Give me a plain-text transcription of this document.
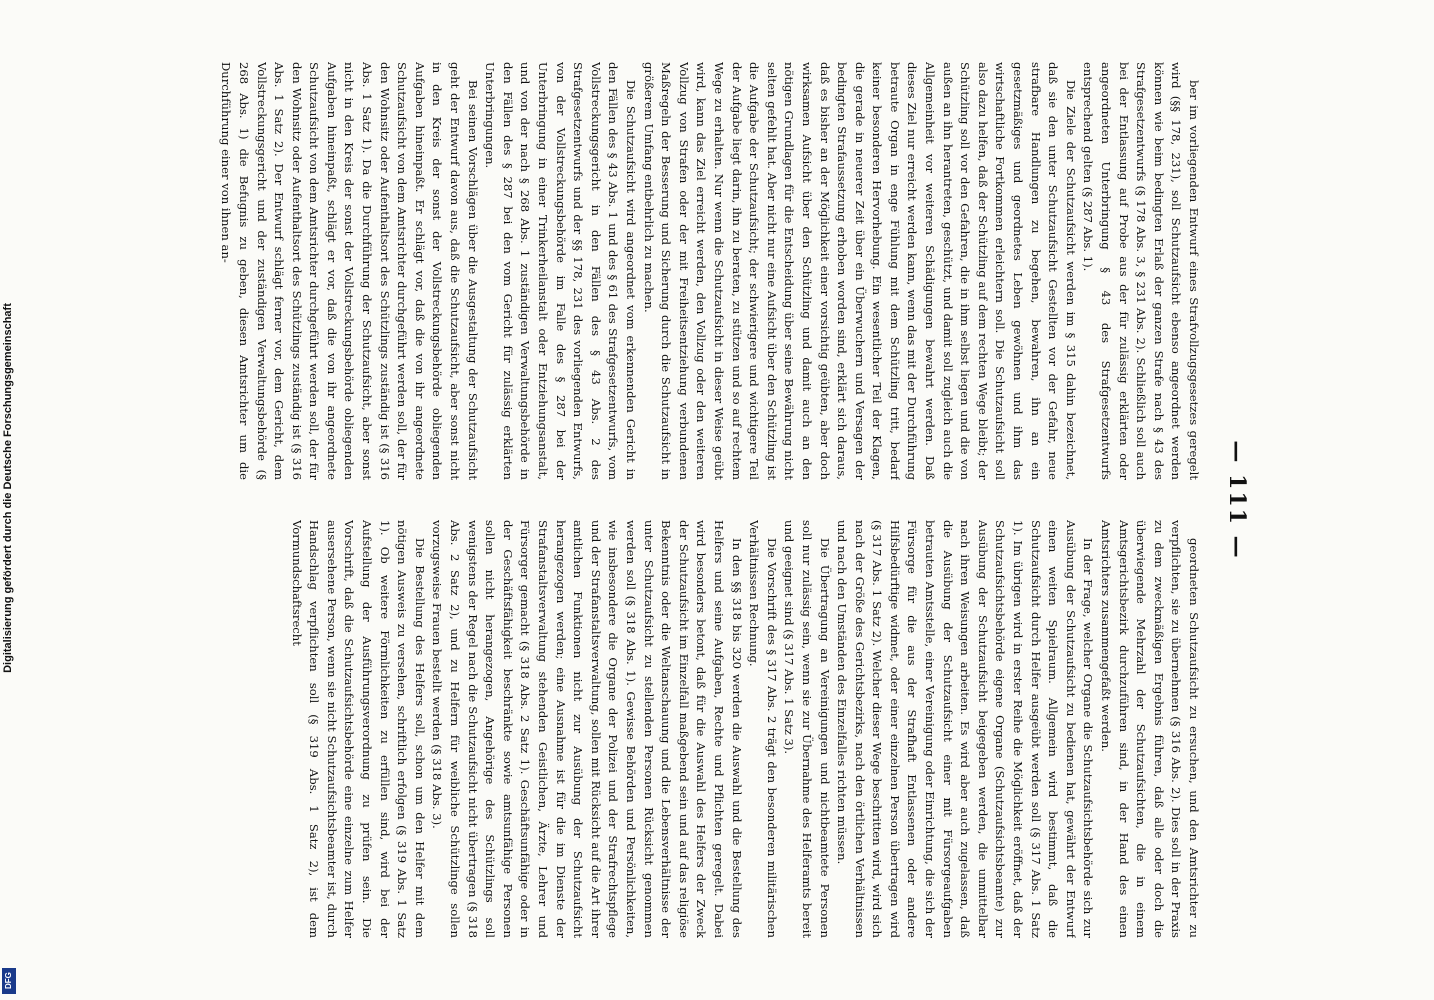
— 111 —

ber im vorliegenden Entwurf eines Strafvollzugsgesetzes geregelt wird (§§ 178, 231), soll Schutzaufsicht ebenso angeordnet werden können wie beim bedingten Erlaß der ganzen Strafe nach § 43 des Strafgesetzentwurfs (§ 178 Abs. 3, § 231 Abs. 2). Schließlich soll auch bei der Entlassung auf Probe aus der für zulässig erklärten oder angeordneten Unterbringung § 43 des Strafgesetzentwurfs entsprechend gelten (§ 287 Abs. 1).

Die Ziele der Schutzaufsicht werden im § 315 dahin bezeichnet, daß sie den unter Schutzaufsicht Gestellten vor der Gefahr, neue strafbare Handlungen zu begehen, bewahren, ihn an ein gesetzmäßiges und geordnetes Leben gewöhnen und ihm das wirtschaftliche Fortkommen erleichtern soll. Die Schutzaufsicht soll also dazu helfen, daß der Schützling auf dem rechten Wege bleibt; der Schützling soll vor den Gefahren, die in ihm selbst liegen und die von außen an ihn herantreten, geschützt, und damit soll zugleich auch die Allgemeinheit vor weiteren Schädigungen bewahrt werden. Daß dieses Ziel nur erreicht werden kann, wenn das mit der Durchführung betraute Organ in enge Fühlung mit dem Schützling tritt, bedarf keiner besonderen Hervorhebung. Ein wesentlicher Teil der Klagen, die gerade in neuerer Zeit über ein Überwuchern und Versagen der bedingten Strafaussetzung erhoben worden sind, erklärt sich daraus, daß es bisher an der Möglichkeit einer vorsichtig geübten, aber doch wirksamen Aufsicht über den Schützling und damit auch an den nötigen Grundlagen für die Entscheidung über seine Bewährung nicht selten gefehlt hat. Aber nicht nur eine Aufsicht über den Schützling ist die Aufgabe der Schutzaufsicht; der schwierigere und wichtigere Teil der Aufgabe liegt darin, ihn zu beraten, zu stützen und so auf rechtem Wege zu erhalten. Nur wenn die Schutzaufsicht in dieser Weise geübt wird, kann das Ziel erreicht werden, den Vollzug oder den weiteren Vollzug von Strafen oder der mit Freiheitsentziehung verbundenen Maßregeln der Besserung und Sicherung durch die Schutzaufsicht in größerem Umfang entbehrlich zu machen.

Die Schutzaufsicht wird angeordnet vom erkennenden Gericht in den Fällen des § 43 Abs. 1 und des § 61 des Strafgesetzentwurfs, vom Vollstreckungsgericht in den Fällen des § 43 Abs. 2 des Strafgesetzentwurfs und der §§ 178, 231 des vorliegenden Entwurfs, von der Vollstreckungsbehörde im Falle des § 287 bei der Unterbringung in einer Trinkerheilanstalt oder Entziehungsanstalt, und von der nach § 268 Abs. 1 zuständigen Verwaltungsbehörde in den Fällen des § 287 bei den vom Gericht für zulässig erklärten Unterbringungen.

Bei seinen Vorschlägen über die Ausgestaltung der Schutzaufsicht geht der Entwurf davon aus, daß die Schutzaufsicht, aber sonst nicht in den Kreis der sonst der Vollstreckungsbehörde obliegenden Aufgaben hineinpaßt. Er schlägt vor, daß die von ihr angeordnete Schutzaufsicht von dem Amtsrichter durchgeführt werden soll, der für den Wohnsitz oder Aufenthaltsort des Schützlings zuständig ist (§ 316 Abs. 1 Satz 1). Da die Durchführung der Schutzaufsicht, aber sonst nicht in den Kreis der sonst der Vollstreckungsbehörde obliegenden Aufgaben hineinpaßt, schlägt er vor, daß die von ihr angeordnete Schutzaufsicht von dem Amtsrichter durchgeführt werden soll, der für den Wohnsitz oder Aufenthaltsort des Schützlings zuständig ist (§ 316 Abs. 1 Satz 2). Der Entwurf schlägt ferner vor, dem Gericht, dem Vollstreckungsgericht und der zuständigen Verwaltungsbehörde (§ 268 Abs. 1) die Befugnis zu geben, diesen Amtsrichter um die Durchführung einer von ihnen an-

geordneten Schutzaufsicht zu ersuchen, und den Amtsrichter zu verpflichten, sie zu übernehmen (§ 316 Abs. 2). Dies soll in der Praxis zu dem zweckmäßigen Ergebnis führen, daß alle oder doch die überwiegende Mehrzahl der Schutzaufsichten, die in einem Amtsgerichtsbezirk durchzuführen sind, in der Hand des einen Amtsrichters zusammengefaßt werden.

In der Frage, welcher Organe die Schutzaufsichtsbehörde sich zur Ausübung der Schutzaufsicht zu bedienen hat, gewährt der Entwurf einen weiten Spielraum. Allgemein wird bestimmt, daß die Schutzaufsicht durch Helfer ausgeübt werden soll (§ 317 Abs. 1 Satz 1). Im übrigen wird in erster Reihe die Möglichkeit eröffnet, daß der Schutzaufsichtsbehörde eigene Organe (Schutzaufsichtsbeamte) zur Ausübung der Schutzaufsicht beigegeben werden, die unmittelbar nach ihren Weisungen arbeiten. Es wird aber auch zugelassen, daß die Ausübung der Schutzaufsicht einer mit Fürsorgeaufgaben betrauten Amtsstelle, einer Vereinigung oder Einrichtung, die sich der Fürsorge für die aus der Strafhaft Entlassenen oder andere Hilfsbedürftige widmet, oder einer einzelnen Person übertragen wird (§ 317 Abs. 1 Satz 2). Welcher dieser Wege beschritten wird, wird sich nach der Größe des Gerichtsbezirks, nach den örtlichen Verhältnissen und nach den Umständen des Einzelfalles richten müssen.

Die Übertragung an Vereinigungen und nichtbeamtete Personen soll nur zulässig sein, wenn sie zur Übernahme des Helferamts bereit und geeignet sind (§ 317 Abs. 1 Satz 3).

Die Vorschrift des § 317 Abs. 2 trägt den besonderen militärischen Verhältnissen Rechnung.

In den §§ 318 bis 320 werden die Auswahl und die Bestellung des Helfers und seine Aufgaben, Rechte und Pflichten geregelt. Dabei wird besonders betont, daß für die Auswahl des Helfers der Zweck der Schutzaufsicht im Einzelfall maßgebend sein und auf das religiöse Bekenntnis oder die Weltanschauung und die Lebensverhältnisse der unter Schutzaufsicht zu stellenden Personen Rücksicht genommen werden soll (§ 318 Abs. 1). Gewisse Behörden und Persönlichkeiten, wie insbesondere die Organe der Polizei und der Strafrechtspflege und der Strafanstaltsverwaltung, sollen mit Rücksicht auf die Art ihrer amtlichen Funktionen nicht zur Ausübung der Schutzaufsicht herangezogen werden; eine Ausnahme ist für die im Dienste der Strafanstaltsverwaltung stehenden Geistlichen, Ärzte, Lehrer und Fürsorger gemacht (§ 318 Abs. 2 Satz 1). Geschäftsunfähige oder in der Geschäftsfähigkeit beschränkte sowie amtsunfähige Personen sollen nicht herangezogen, Angehörige des Schützlings soll wenigstens der Regel nach die Schutzaufsicht nicht übertragen (§ 318 Abs. 2 Satz 2), und zu Helfern für weibliche Schützlinge sollen vorzugsweise Frauen bestellt werden (§ 318 Abs. 3).

Die Bestellung des Helfers soll, schon um den Helfer mit dem nötigen Ausweis zu versehen, schriftlich erfolgen (§ 319 Abs. 1 Satz 1). Ob weitere Förmlichkeiten zu erfüllen sind, wird bei der Aufstellung der Ausführungsverordnung zu prüfen sein. Die Vorschrift, daß die Schutzaufsichtsbehörde eine einzelne zum Helfer ausersehene Person, wenn sie nicht Schutzaufsichtsbeamter ist, durch Handschlag verpflichten soll (§ 319 Abs. 1 Satz 2), ist dem Vormundschaftsrecht

Digitalisierung gefördert durch die Deutsche Forschungsgemeinschaft
DFG
